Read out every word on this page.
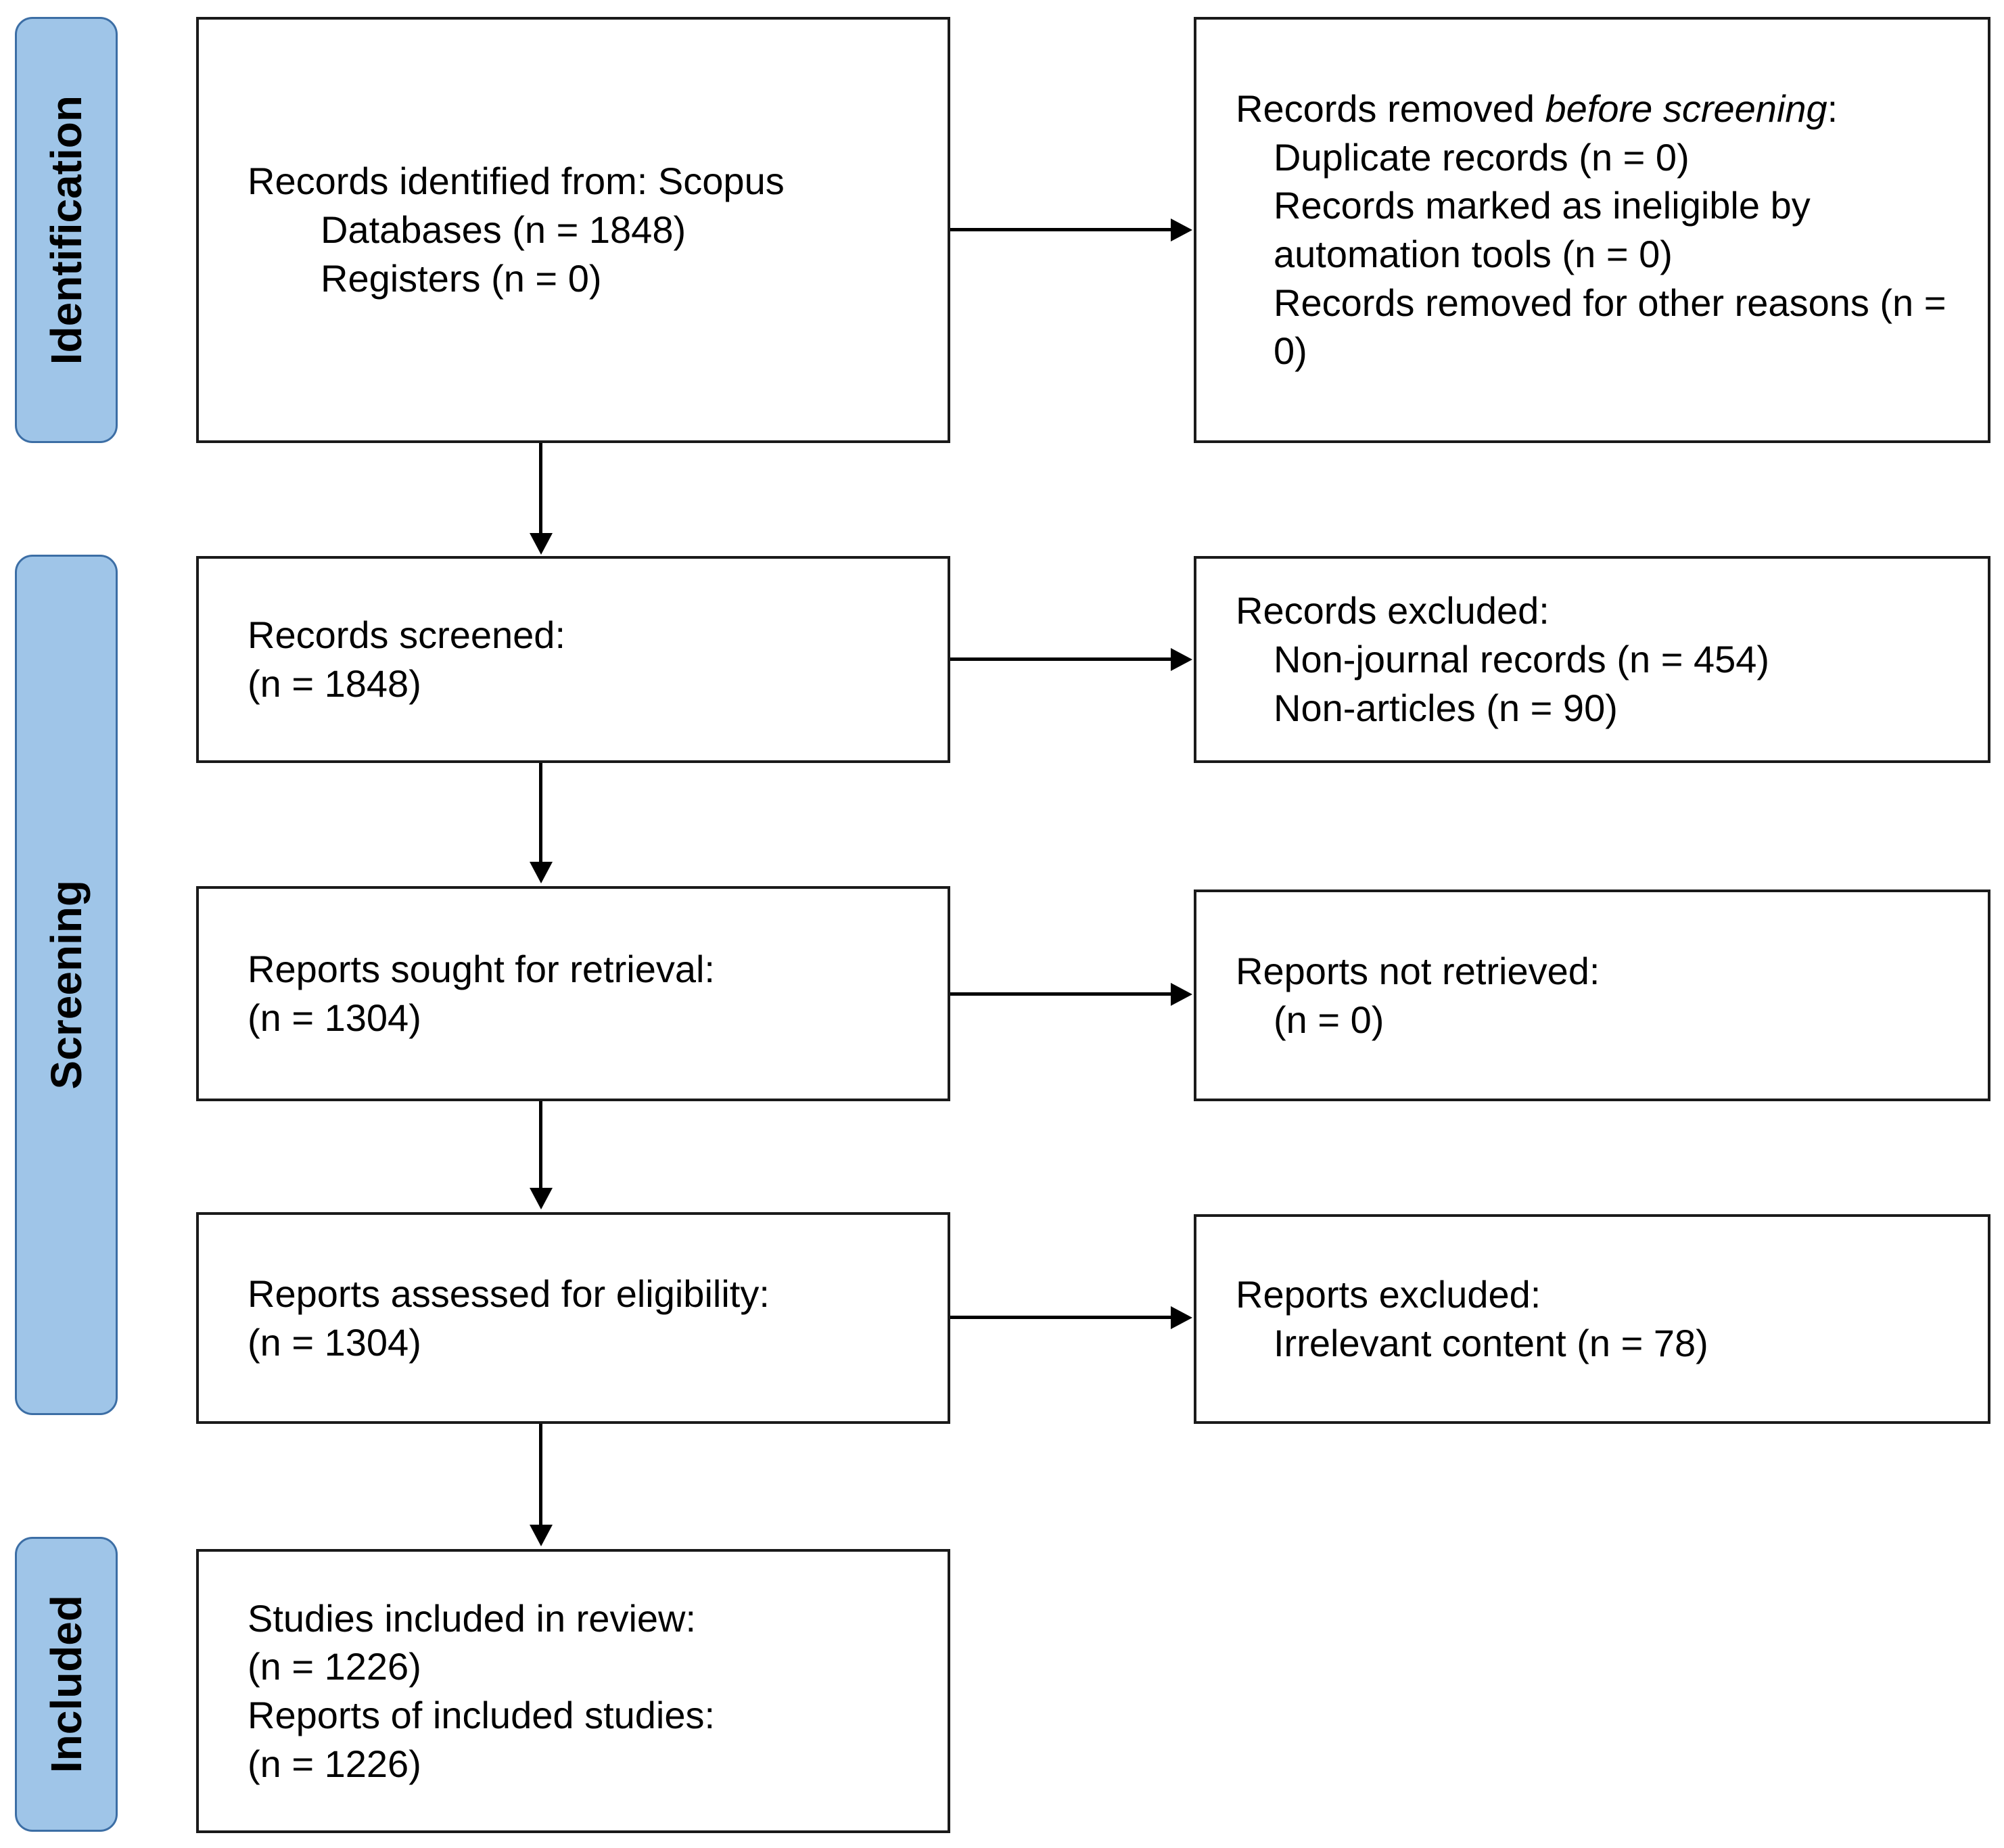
Identification
Screening
Included
Records identified from: Scopus
Databases (n = 1848)
Registers (n = 0)
Records removed before screening:
Duplicate records (n = 0)
Records marked as ineligible by automation tools (n = 0)
Records removed for other reasons (n = 0)
Records screened:
(n = 1848)
Records excluded:
Non-journal records (n = 454)
Non-articles (n = 90)
Reports sought for retrieval:
(n = 1304)
Reports not retrieved:
(n = 0)
Reports assessed for eligibility:
(n = 1304)
Reports excluded:
Irrelevant content (n = 78)
Studies included in review:
(n = 1226)
Reports of included studies:
(n = 1226)
